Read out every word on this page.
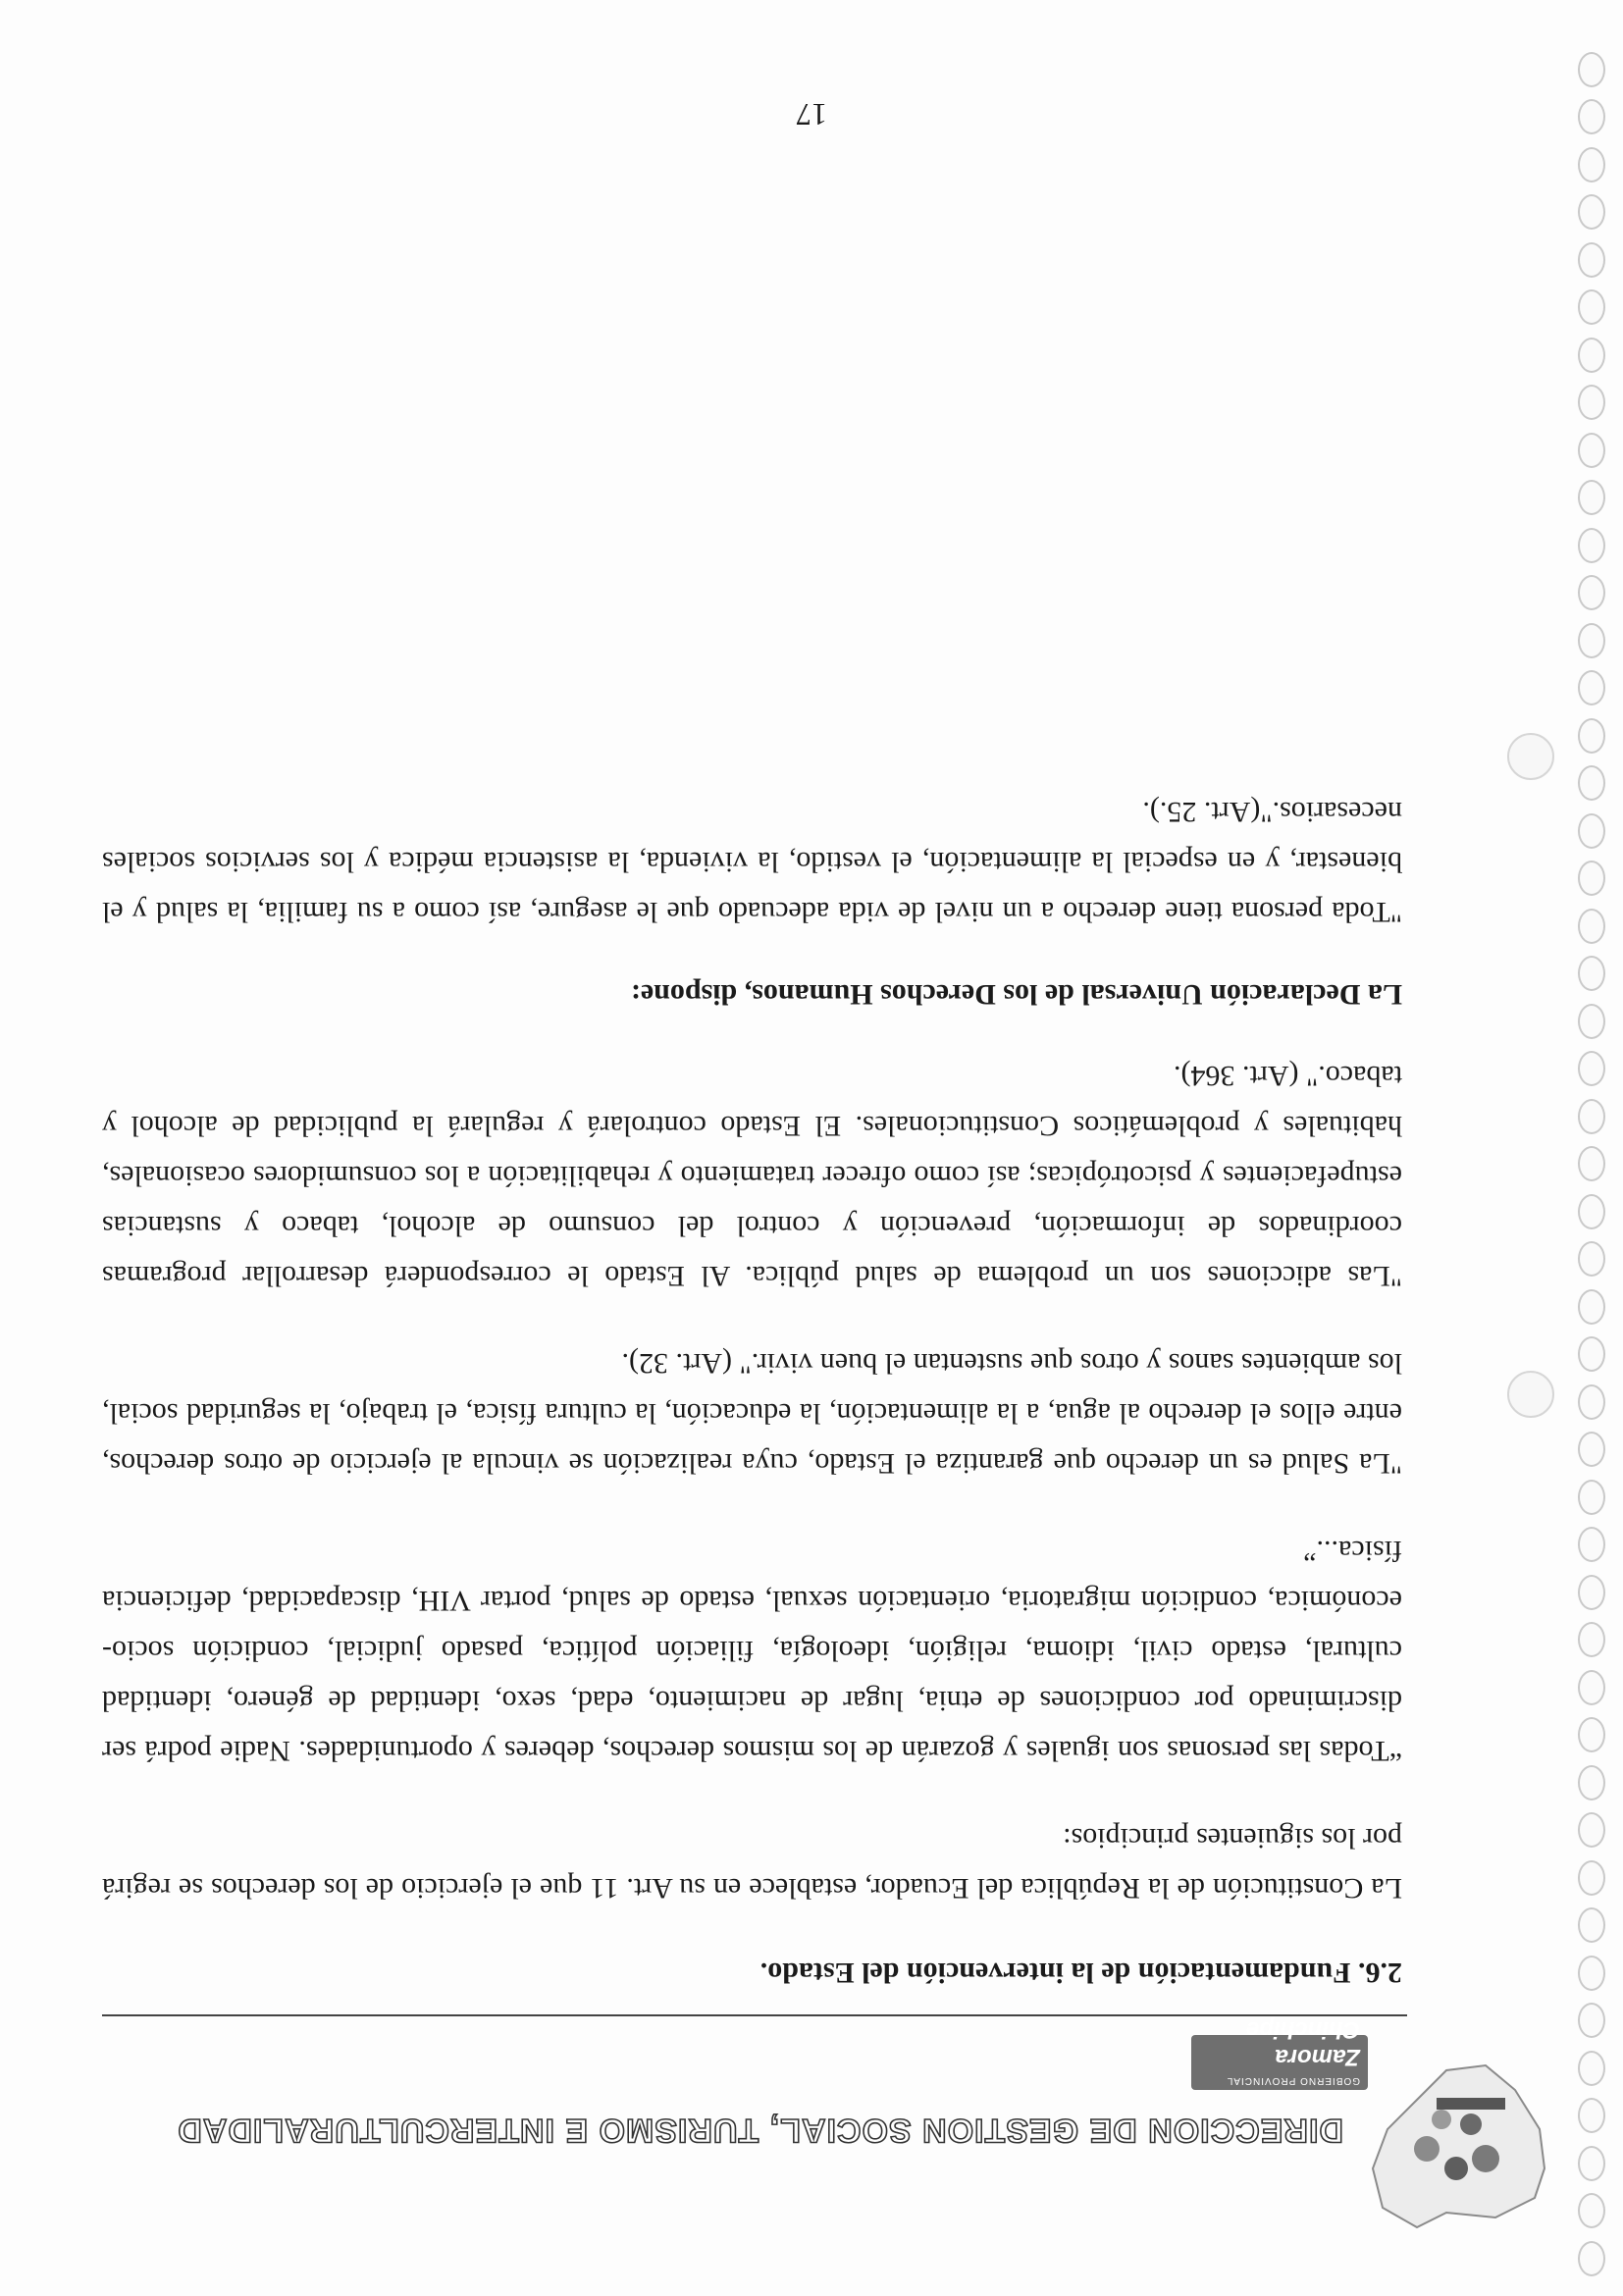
GOBIERNO PROVINCIAL
Zamora Chinchipe
DIRECCION DE GESTION SOCIAL, TURISMO E INTERCULTURALIDAD
2.6. Fundamentación de la intervención del Estado.

La Constitución de la República del Ecuador, establece en su Art. 11 que el ejercicio de los derechos se regirá por los siguientes principios:

“Todas las personas son iguales y gozarán de los mismos derechos, deberes y oportunidades. Nadie podrá ser discriminado por condiciones de etnia, lugar de nacimiento, edad, sexo, identidad de género, identidad cultural, estado civil, idioma, religión, ideología, filiación política, pasado judicial, condición socio-económica, condición migratoria, orientación sexual, estado de salud, portar VIH, discapacidad, deficiencia física...”

"La Salud es un derecho que garantiza el Estado, cuya realización se vincula al ejercicio de otros derechos, entre ellos el derecho al agua, a la alimentación, la educación, la cultura física, el trabajo, la seguridad social, los ambientes sanos y otros que sustentan el buen vivir." (Art. 32).

"Las adicciones son un problema de salud pública. Al Estado le corresponderá desarrollar programas coordinados de información, prevención y control del consumo de alcohol, tabaco y sustancias estupefacientes y psicotrópicas; así como ofrecer tratamiento y rehabilitación a los consumidores ocasionales, habituales y problemáticos Constitucionales. El Estado controlará y regulará la publicidad de alcohol y tabaco." (Art. 364).

La Declaración Universal de los Derechos Humanos, dispone:

"Toda persona tiene derecho a un nivel de vida adecuado que le asegure, así como a su familia, la salud y el bienestar, y en especial la alimentación, el vestido, la vivienda, la asistencia médica y los servicios sociales necesarios."(Art. 25.).

17
